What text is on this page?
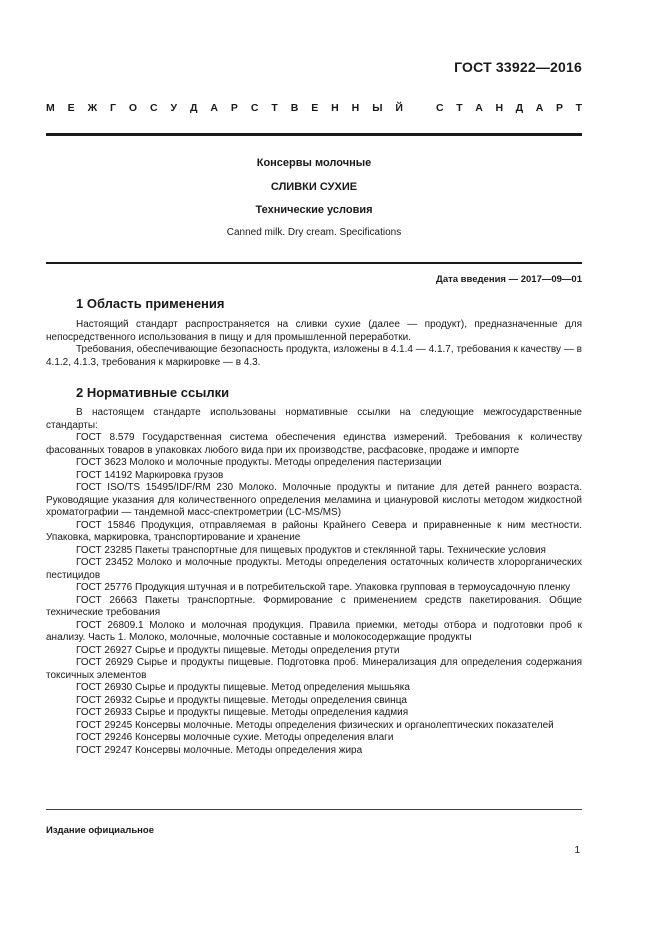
ГОСТ 33922—2016
М Е Ж Г О С У Д А Р С Т В Е Н Н Ы Й	С Т А Н Д А Р Т
Консервы молочные
СЛИВКИ СУХИЕ
Технические условия
Canned milk. Dry cream. Specifications
Дата введения — 2017—09—01
1 Область применения

Настоящий стандарт распространяется на сливки сухие (далее — продукт), предназначенные для непосредственного использования в пищу и для промышленной переработки.

Требования, обеспечивающие безопасность продукта, изложены в 4.1.4 — 4.1.7, требования к качеству — в 4.1.2, 4.1.3, требования к маркировке — в 4.3.

2 Нормативные ссылки

В настоящем стандарте использованы нормативные ссылки на следующие межгосударственные стандарты:

ГОСТ 8.579 Государственная система обеспечения единства измерений. Требования к количеству фасованных товаров в упаковках любого вида при их производстве, расфасовке, продаже и импорте

ГОСТ 3623 Молоко и молочные продукты. Методы определения пастеризации

ГОСТ 14192 Маркировка грузов

ГОСТ ISO/TS 15495/IDF/RM 230 Молоко. Молочные продукты и питание для детей раннего возраста. Руководящие указания для количественного определения меламина и циануровой кислоты методом жидкостной хроматографии — тандемной масс-спектрометрии (LC-MS/MS)

ГОСТ 15846 Продукция, отправляемая в районы Крайнего Севера и приравненные к ним местности. Упаковка, маркировка, транспортирование и хранение

ГОСТ 23285 Пакеты транспортные для пищевых продуктов и стеклянной тары. Технические условия

ГОСТ 23452 Молоко и молочные продукты. Методы определения остаточных количеств хлорорганических пестицидов

ГОСТ 25776 Продукция штучная и в потребительской таре. Упаковка групповая в термоусадочную пленку

ГОСТ 26663 Пакеты транспортные. Формирование с применением средств пакетирования. Общие технические требования

ГОСТ 26809.1 Молоко и молочная продукция. Правила приемки, методы отбора и подготовки проб к анализу. Часть 1. Молоко, молочные, молочные составные и молокосодержащие продукты

ГОСТ 26927 Сырье и продукты пищевые. Методы определения ртути

ГОСТ 26929 Сырье и продукты пищевые. Подготовка проб. Минерализация для определения содержания токсичных элементов

ГОСТ 26930 Сырье и продукты пищевые. Метод определения мышьяка

ГОСТ 26932 Сырье и продукты пищевые. Методы определения свинца

ГОСТ 26933 Сырье и продукты пищевые. Методы определения кадмия

ГОСТ 29245 Консервы молочные. Методы определения физических и органолептических показателей

ГОСТ 29246 Консервы молочные сухие. Методы определения влаги

ГОСТ 29247 Консервы молочные. Методы определения жира

Издание официальное
1
